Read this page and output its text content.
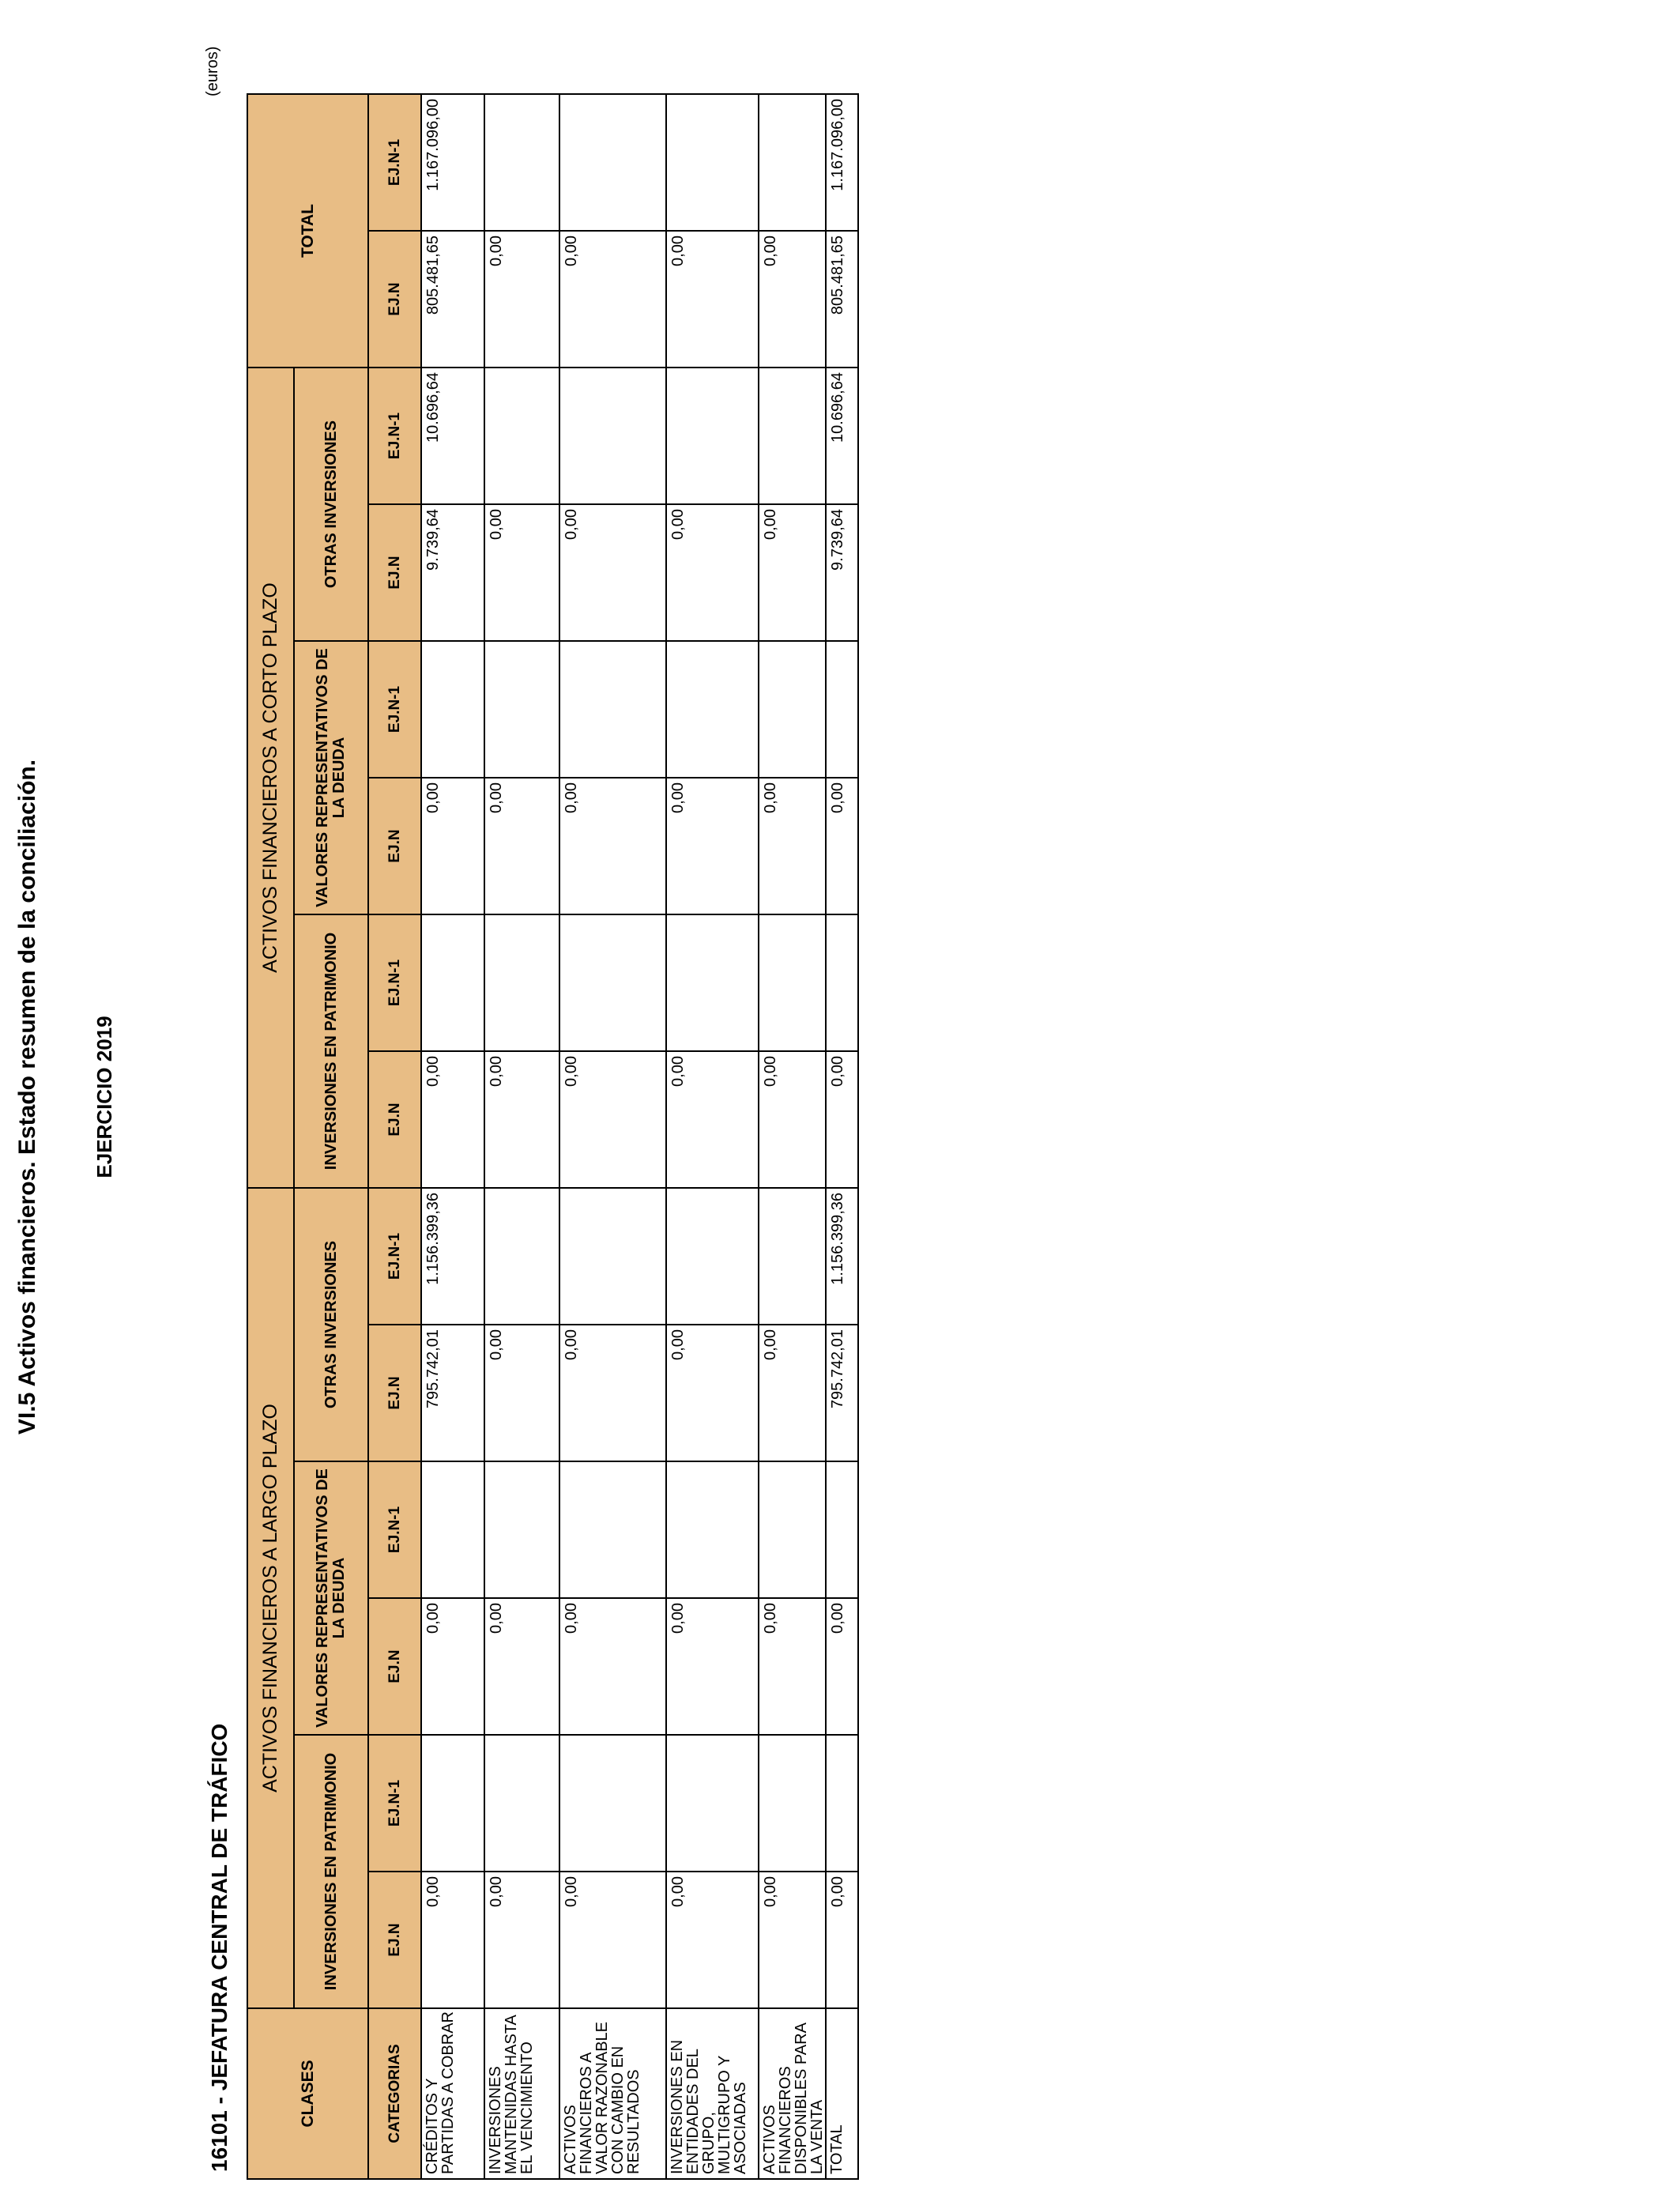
VI.5 Activos financieros. Estado resumen de la conciliación.	EJERCICIO 2019
16101 - JEFATURA CENTRAL DE TRÁFICO
(euros)
CLASES	ACTIVOS FINANCIEROS A LARGO PLAZO						ACTIVOS FINANCIEROS A CORTO PLAZO						TOTAL	
	INVERSIONES EN PATRIMONIO		VALORES REPRESENTATIVOS DE LA DEUDA		OTRAS INVERSIONES		INVERSIONES EN PATRIMONIO		VALORES REPRESENTATIVOS DE LA DEUDA		OTRAS INVERSIONES			
CATEGORIAS	EJ.N	EJ.N-1	EJ.N	EJ.N-1	EJ.N	EJ.N-1	EJ.N	EJ.N-1	EJ.N	EJ.N-1	EJ.N	EJ.N-1	EJ.N	EJ.N-1
CRÉDITOS Y PARTIDAS A COBRAR	0,00		0,00		795.742,01	1.156.399,36	0,00		0,00		9.739,64	10.696,64	805.481,65	1.167.096,00
INVERSIONES MANTENIDAS HASTA EL VENCIMIENTO	0,00		0,00		0,00		0,00		0,00		0,00		0,00	
ACTIVOS FINANCIEROS A VALOR RAZONABLE CON CAMBIO EN RESULTADOS	0,00		0,00		0,00		0,00		0,00		0,00		0,00	
INVERSIONES EN ENTIDADES DEL GRUPO, MULTIGRUPO Y ASOCIADAS	0,00		0,00		0,00		0,00		0,00		0,00		0,00	
ACTIVOS FINANCIEROS DISPONIBLES PARA LA VENTA	0,00		0,00		0,00		0,00		0,00		0,00		0,00	
TOTAL	0,00		0,00		795.742,01	1.156.399,36	0,00		0,00		9.739,64	10.696,64	805.481,65	1.167.096,00
